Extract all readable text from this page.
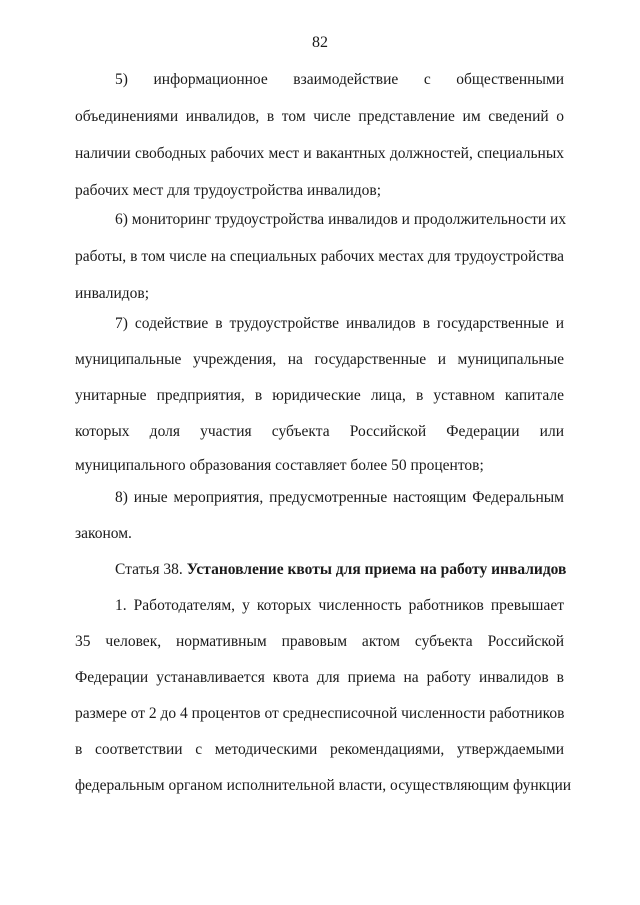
82
5) информационное взаимодействие с общественными
объединениями инвалидов, в том числе представление им сведений о
наличии свободных рабочих мест и вакантных должностей, специальных
рабочих мест для трудоустройства инвалидов;
6) мониторинг трудоустройства инвалидов и продолжительности их
работы, в том числе на специальных рабочих местах для трудоустройства
инвалидов;
7) содействие в трудоустройстве инвалидов в государственные и
муниципальные учреждения, на государственные и муниципальные
унитарные предприятия, в юридические лица, в уставном капитале
которых доля участия субъекта Российской Федерации или
муниципального образования составляет более 50 процентов;
8) иные мероприятия, предусмотренные настоящим Федеральным
законом.
Статья 38. Установление квоты для приема на работу инвалидов
1. Работодателям, у которых численность работников превышает
35 человек, нормативным правовым актом субъекта Российской
Федерации устанавливается квота для приема на работу инвалидов в
размере от 2 до 4 процентов от среднесписочной численности работников
в соответствии с методическими рекомендациями, утверждаемыми
федеральным органом исполнительной власти, осуществляющим функции
